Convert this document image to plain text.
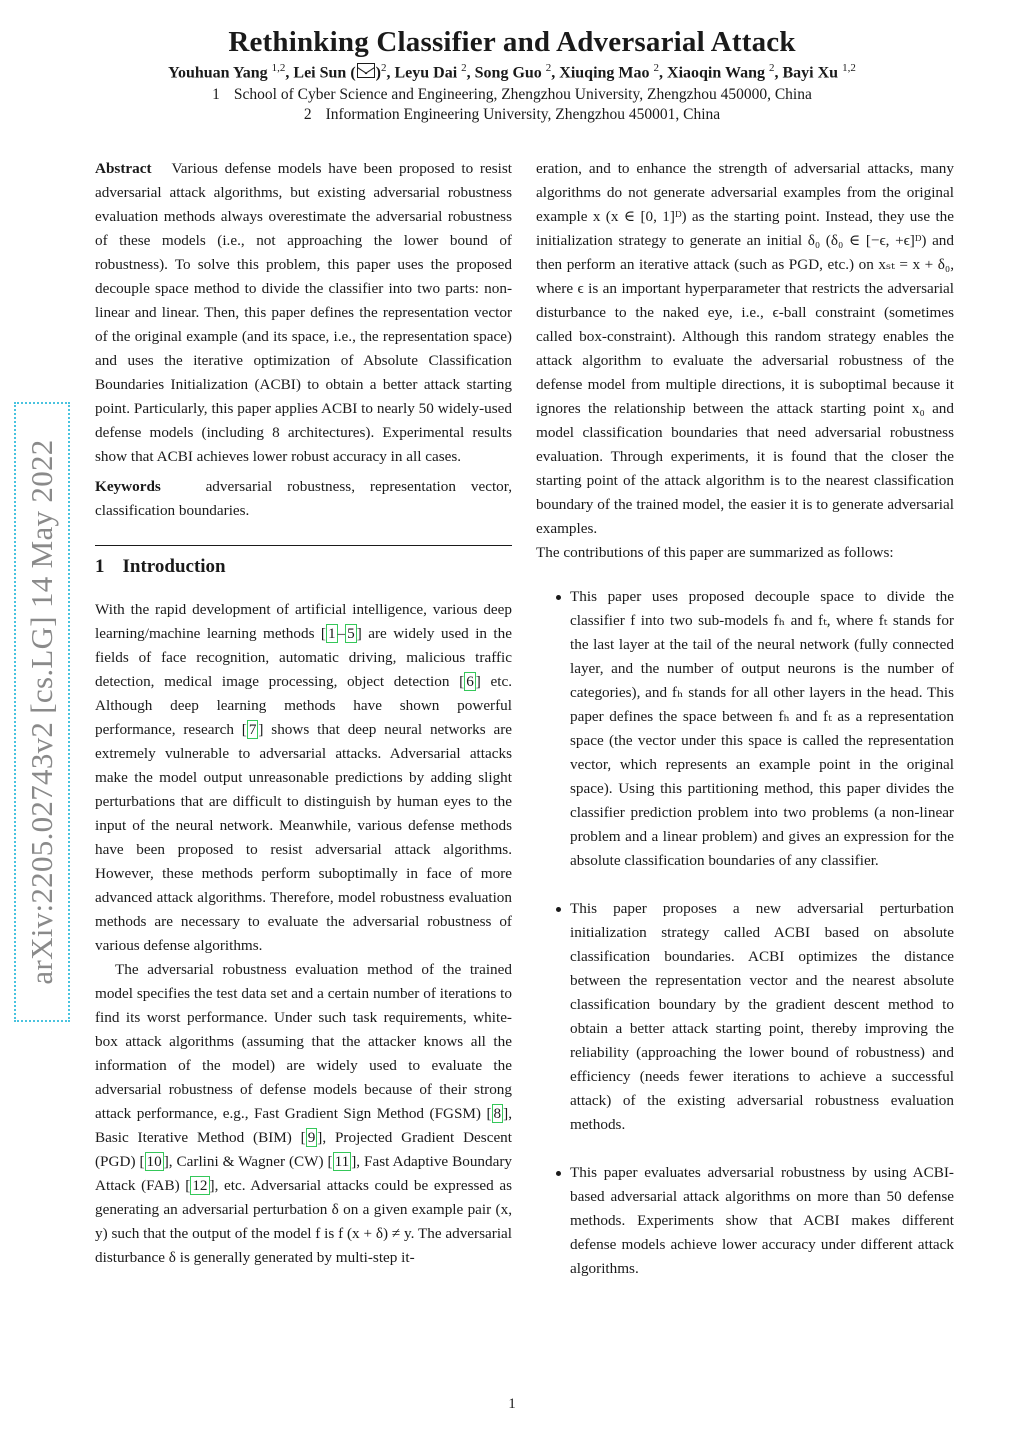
Rethinking Classifier and Adversarial Attack
Youhuan Yang $^{1,2}$, Lei Sun ( )$^2$, Leyu Dai $^2$, Song Guo $^2$, Xiuqing Mao $^2$, Xiaoqin Wang $^2$, Bayi Xu $^{1,2}$
1 School of Cyber Science and Engineering, Zhengzhou University, Zhengzhou 450000, China
2 Information Engineering University, Zhengzhou 450001, China
arXiv:2205.02743v2 [cs.LG] 14 May 2022

Abstract Various defense models have been proposed to resist adversarial attack algorithms, but existing adversarial robustness evaluation methods always overestimate the adversarial robustness of these models (i.e., not approaching the lower bound of robustness). To solve this problem, this paper uses the proposed decouple space method to divide the classifier into two parts: non-linear and linear. Then, this paper defines the representation vector of the original example (and its space, i.e., the representation space) and uses the iterative optimization of Absolute Classification Boundaries Initialization (ACBI) to obtain a better attack starting point. Particularly, this paper applies ACBI to nearly 50 widely-used defense models (including 8 architectures). Experimental results show that ACBI achieves lower robust accuracy in all cases.

Keywords	adversarial robustness, representation vector, classification boundaries.

1 Introduction

With the rapid development of artificial intelligence, various deep learning/machine learning methods [ 1 – 5 ] are widely used in the fields of face recognition, automatic driving, malicious traffic detection, medical image processing, object detection [ 6 ] etc. Although deep learning methods have shown powerful performance, research [ 7 ] shows that deep neural networks are extremely vulnerable to adversarial attacks. Adversarial attacks make the model output unreasonable predictions by adding slight perturbations that are difficult to distinguish by human eyes to the input of the neural network. Meanwhile, various defense methods have been proposed to resist adversarial attack algorithms. However, these methods perform suboptimally in face of more advanced attack algorithms. Therefore, model robustness evaluation methods are necessary to evaluate the adversarial robustness of various defense algorithms.

The adversarial robustness evaluation method of the trained model specifies the test data set and a certain number of iterations to find its worst performance. Under such task requirements, white-box attack algorithms (assuming that the attacker knows all the information of the model) are widely used to evaluate the adversarial robustness of defense models because of their strong attack performance, e.g., Fast Gradient Sign Method (FGSM) [ 8 ], Basic Iterative Method (BIM) [ 9 ], Projected Gradient Descent (PGD) [ 10 ], Carlini & Wagner (CW) [ 11 ], Fast Adaptive Boundary Attack (FAB) [ 12 ], etc. Adversarial attacks could be expressed as generating an adversarial perturbation δ on a given example pair (x, y) such that the output of the model f is f (x + δ) ≠ y. The adversarial disturbance δ is generally generated by multi-step it-

eration, and to enhance the strength of adversarial attacks, many algorithms do not generate adversarial examples from the original example x (x ∈ [0, 1]ᴰ) as the starting point. Instead, they use the initialization strategy to generate an initial δ₀ (δ₀ ∈ [−ϵ, +ϵ]ᴰ) and then perform an iterative attack (such as PGD, etc.) on xₛₜ = x + δ₀, where ϵ is an important hyperparameter that restricts the adversarial disturbance to the naked eye, i.e., ϵ-ball constraint (sometimes called box-constraint). Although this random strategy enables the attack algorithm to evaluate the adversarial robustness of the defense model from multiple directions, it is suboptimal because it ignores the relationship between the attack starting point x₀ and model classification boundaries that need adversarial robustness evaluation. Through experiments, it is found that the closer the starting point of the attack algorithm is to the nearest classification boundary of the trained model, the easier it is to generate adversarial examples.

The contributions of this paper are summarized as follows:

This paper uses proposed decouple space to divide the classifier f into two sub-models fₕ and fₜ, where fₜ stands for the last layer at the tail of the neural network (fully connected layer, and the number of output neurons is the number of categories), and fₕ stands for all other layers in the head. This paper defines the space between fₕ and fₜ as a representation space (the vector under this space is called the representation vector, which represents an example point in the original space). Using this partitioning method, this paper divides the classifier prediction problem into two problems (a non-linear problem and a linear problem) and gives an expression for the absolute classification boundaries of any classifier.
This paper proposes a new adversarial perturbation initialization strategy called ACBI based on absolute classification boundaries. ACBI optimizes the distance between the representation vector and the nearest absolute classification boundary by the gradient descent method to obtain a better attack starting point, thereby improving the reliability (approaching the lower bound of robustness) and efficiency (needs fewer iterations to achieve a successful attack) of the existing adversarial robustness evaluation methods.
This paper evaluates adversarial robustness by using ACBI-based adversarial attack algorithms on more than 50 defense methods. Experiments show that ACBI makes different defense models achieve lower accuracy under different attack algorithms.
1
